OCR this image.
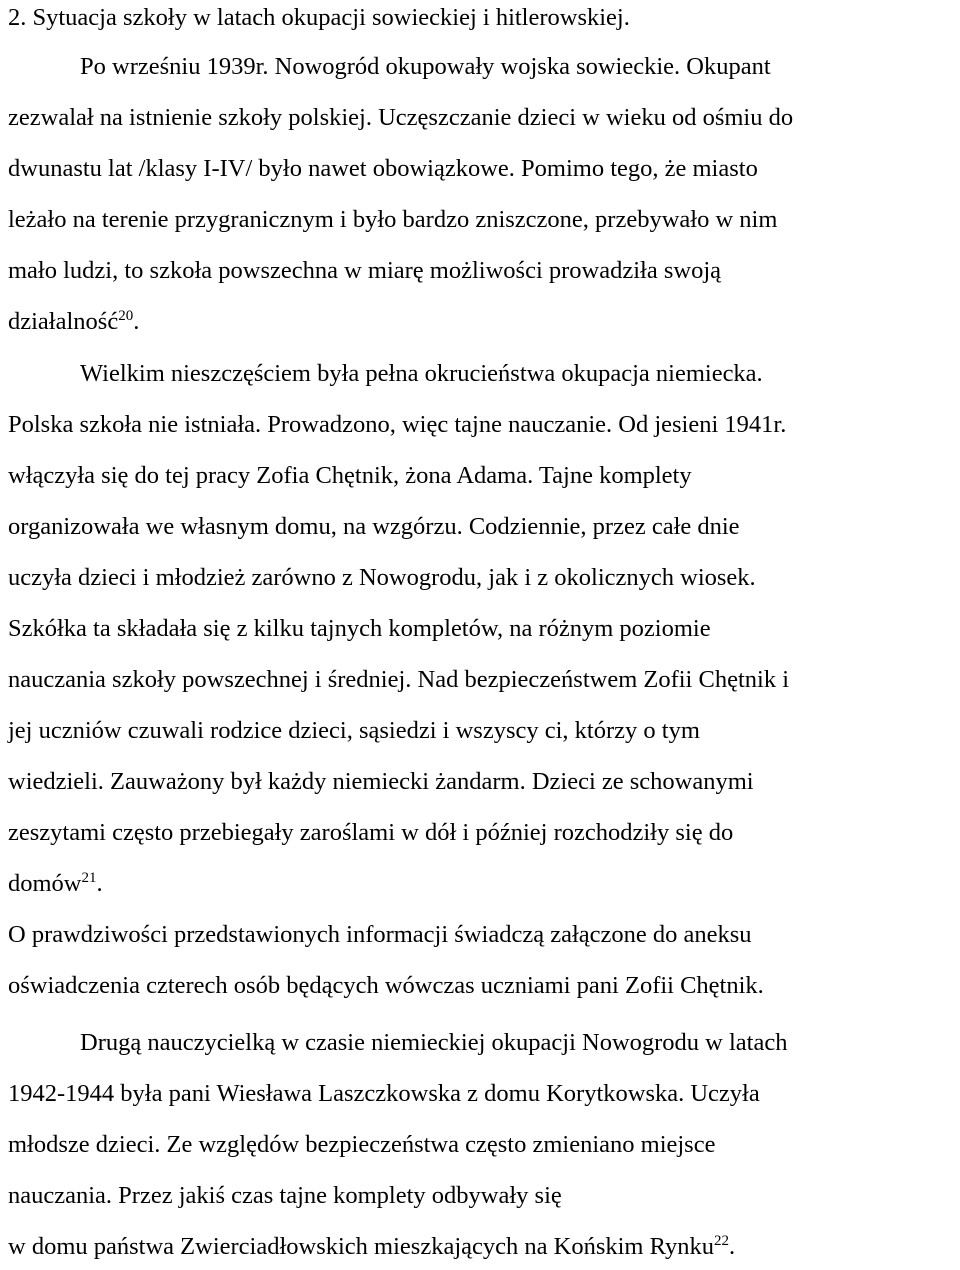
2. Sytuacja szkoły w latach okupacji sowieckiej i hitlerowskiej.
Po wrześniu 1939r. Nowogród okupowały wojska sowieckie. Okupant
zezwalał na istnienie szkoły polskiej. Uczęszczanie dzieci w wieku od ośmiu do
dwunastu lat /klasy I-IV/ było nawet obowiązkowe. Pomimo tego, że miasto
leżało na terenie przygranicznym i było bardzo zniszczone, przebywało w nim
mało ludzi, to szkoła powszechna w miarę możliwości prowadziła swoją
działalność$^{20}$.
Wielkim nieszczęściem była pełna okrucieństwa okupacja niemiecka.
Polska szkoła nie istniała. Prowadzono, więc tajne nauczanie. Od jesieni 1941r.
włączyła się do tej pracy Zofia Chętnik, żona Adama. Tajne komplety
organizowała we własnym domu, na wzgórzu. Codziennie, przez całe dnie
uczyła dzieci i młodzież zarówno z Nowogrodu, jak i z okolicznych wiosek.
Szkółka ta składała się z kilku tajnych kompletów, na różnym poziomie
nauczania szkoły powszechnej i średniej. Nad bezpieczeństwem Zofii Chętnik i
jej uczniów czuwali rodzice dzieci, sąsiedzi i wszyscy ci, którzy o tym
wiedzieli. Zauważony był każdy niemiecki żandarm. Dzieci ze schowanymi
zeszytami często przebiegały zaroślami w dół i później rozchodziły się do
domów$^{21}$.
O prawdziwości przedstawionych informacji świadczą załączone do aneksu
oświadczenia czterech osób będących wówczas uczniami pani Zofii Chętnik.
Drugą nauczycielką w czasie niemieckiej okupacji Nowogrodu w latach
1942-1944 była pani Wiesława Laszczkowska z domu Korytkowska. Uczyła
młodsze dzieci. Ze względów bezpieczeństwa często zmieniano miejsce
nauczania. Przez jakiś czas tajne komplety odbywały się
w domu państwa Zwierciadłowskich mieszkających na Końskim Rynku$^{22}$.
